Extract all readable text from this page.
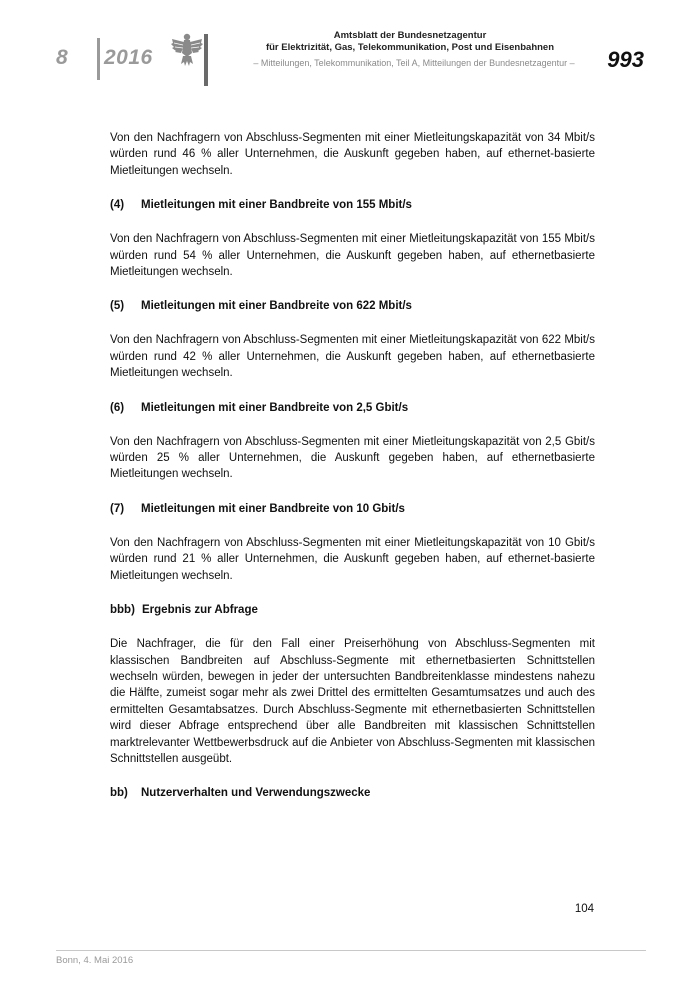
8 2016
Amtsblatt der Bundesnetzagentur
für Elektrizität, Gas, Telekommunikation, Post und Eisenbahnen
– Mitteilungen, Telekommunikation, Teil A, Mitteilungen der Bundesnetzagentur –	993

Von den Nachfragern von Abschluss-Segmenten mit einer Mietleitungskapazität von 34 Mbit/s würden rund 46 % aller Unternehmen, die Auskunft gegeben haben, auf ethernet-basierte Mietleitungen wechseln.

(4)	Mietleitungen mit einer Bandbreite von 155 Mbit/s

Von den Nachfragern von Abschluss-Segmenten mit einer Mietleitungskapazität von 155 Mbit/s würden rund 54 % aller Unternehmen, die Auskunft gegeben haben, auf ethernetbasierte Mietleitungen wechseln.

(5)	Mietleitungen mit einer Bandbreite von 622 Mbit/s

Von den Nachfragern von Abschluss-Segmenten mit einer Mietleitungskapazität von 622 Mbit/s würden rund 42 % aller Unternehmen, die Auskunft gegeben haben, auf ethernetbasierte Mietleitungen wechseln.

(6)	Mietleitungen mit einer Bandbreite von 2,5 Gbit/s

Von den Nachfragern von Abschluss-Segmenten mit einer Mietleitungskapazität von 2,5 Gbit/s würden 25 % aller Unternehmen, die Auskunft gegeben haben, auf ethernetbasierte Mietleitungen wechseln.

(7)	Mietleitungen mit einer Bandbreite von 10 Gbit/s

Von den Nachfragern von Abschluss-Segmenten mit einer Mietleitungskapazität von 10 Gbit/s würden rund 21 % aller Unternehmen, die Auskunft gegeben haben, auf ethernet-basierte Mietleitungen wechseln.

bbb) Ergebnis zur Abfrage

Die Nachfrager, die für den Fall einer Preiserhöhung von Abschluss-Segmenten mit klassischen Bandbreiten auf Abschluss-Segmente mit ethernetbasierten Schnittstellen wechseln würden, bewegen in jeder der untersuchten Bandbreitenklasse mindestens nahezu die Hälfte, zumeist sogar mehr als zwei Drittel des ermittelten Gesamtumsatzes und auch des ermittelten Gesamtabsatzes. Durch Abschluss-Segmente mit ethernetbasierten Schnittstellen wird dieser Abfrage entsprechend über alle Bandbreiten mit klassischen Schnittstellen marktrelevanter Wettbewerbsdruck auf die Anbieter von Abschluss-Segmenten mit klassischen Schnittstellen ausgeübt.

bb)	Nutzerverhalten und Verwendungszwecke
104
Bonn, 4. Mai 2016
